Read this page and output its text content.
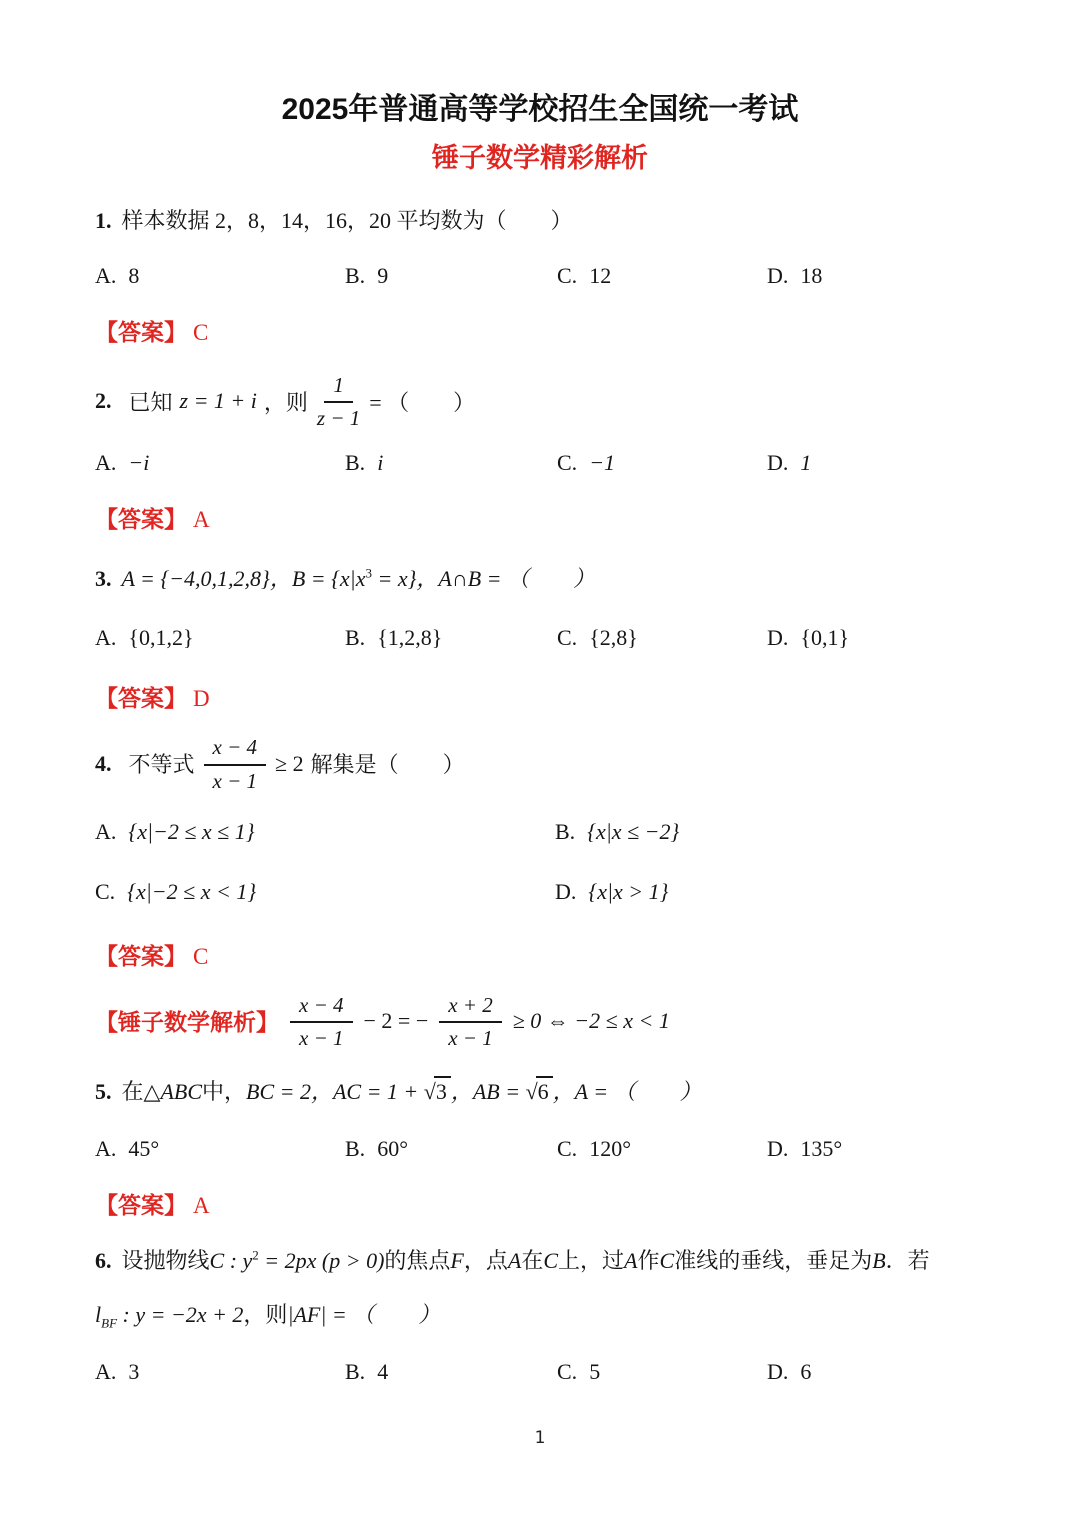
2025年普通高等学校招生全国统一考试
锤子数学精彩解析
1. 样本数据 2，8，14，16，20 平均数为（　　）
A. 8	B. 9	C. 12	D. 18
【答案】 C
2. 已知 z = 1 + i ，则 $\frac{1}{z - 1}$ = （　　）
A. −i	B. i	C. −1	D. 1
【答案】 A
3. A = {−4,0,1,2,8}，$B = \{x|x^3 = x\}$，A∩B = （　　）
A. {0,1,2}	B. {1,2,8}	C. {2,8}	D. {0,1}
【答案】 D
4. 不等式 $\frac{x - 4}{x - 1} \ge 2$ 解集是（　　）
A. {x|−2 ≤ x ≤ 1}	B. {x|x ≤ −2}
C. {x|−2 ≤ x < 1}	D. {x|x > 1}
【答案】 C
【锤子数学解析】 $\frac{x - 4}{x - 1} - 2$ = − $\frac{x + 2}{x - 1} \ge 0$ ⇔ −2 ≤ x < 1
5. 在△ABC中，BC = 2，AC = 1 + √3 ，AB = √6 ，A = （　　）
A. 45°	B. 60°	C. 120°	D. 135°
【答案】 A
6. 设抛物线C : $y^2 = 2px$ (p > 0)的焦点F，点A在C上，过A作C准线的垂线，垂足为B．若
$l_{BF}$ : y = −2x + 2，则|AF| = （　　）
A. 3	B. 4	C. 5	D. 6
1
